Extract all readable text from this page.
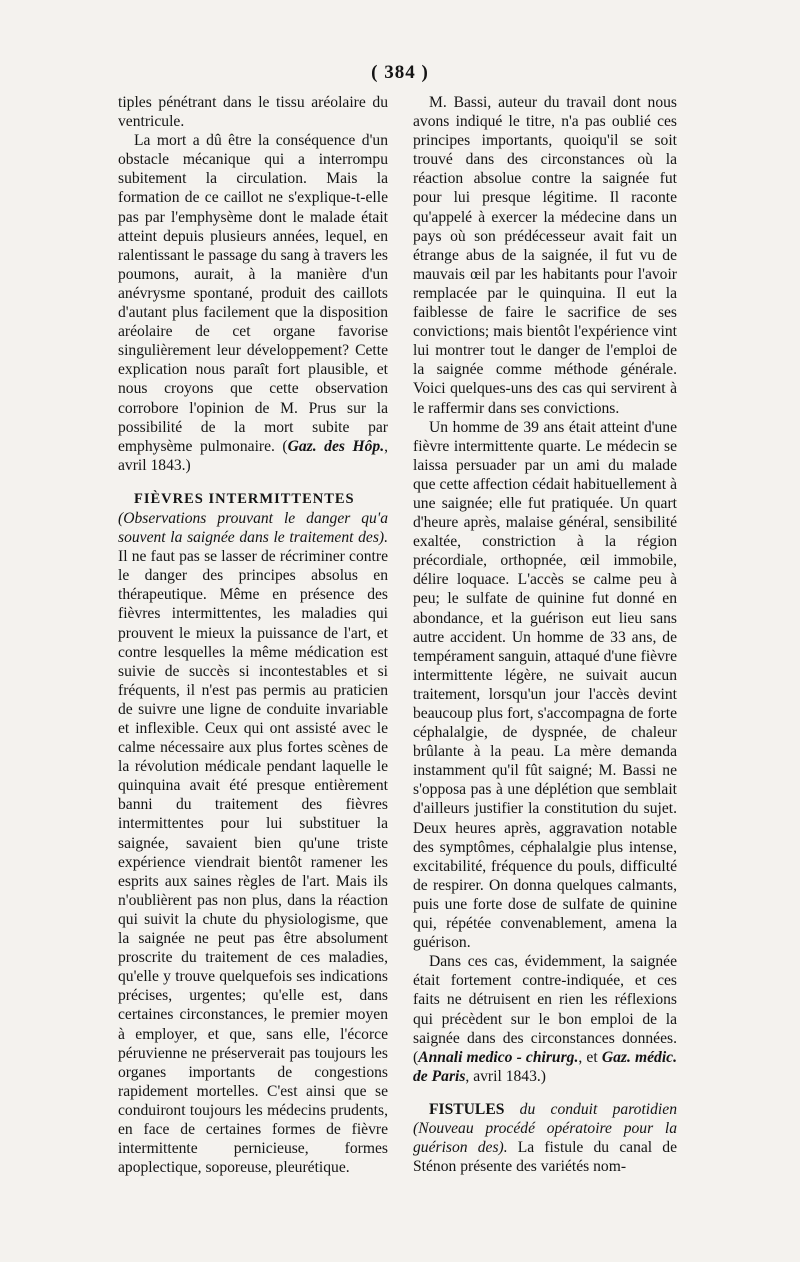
( 384 )

tiples pénétrant dans le tissu aréolaire du ventricule.

La mort a dû être la conséquence d'un obstacle mécanique qui a interrompu subitement la circulation. Mais la formation de ce caillot ne s'explique-t-elle pas par l'emphysème dont le malade était atteint depuis plusieurs années, lequel, en ralentissant le passage du sang à travers les poumons, aurait, à la manière d'un anévrysme spontané, produit des caillots d'autant plus facilement que la disposition aréolaire de cet organe favorise singulièrement leur développement? Cette explication nous paraît fort plausible, et nous croyons que cette observation corrobore l'opinion de M. Prus sur la possibilité de la mort subite par emphysème pulmonaire. (Gaz. des Hôp., avril 1843.)

FIÈVRES INTERMITTENTES
(Observations prouvant le danger qu'a souvent la saignée dans le traitement des). Il ne faut pas se lasser de récriminer contre le danger des principes absolus en thérapeutique. Même en présence des fièvres intermittentes, les maladies qui prouvent le mieux la puissance de l'art, et contre lesquelles la même médication est suivie de succès si incontestables et si fréquents, il n'est pas permis au praticien de suivre une ligne de conduite invariable et inflexible. Ceux qui ont assisté avec le calme nécessaire aux plus fortes scènes de la révolution médicale pendant laquelle le quinquina avait été presque entièrement banni du traitement des fièvres intermittentes pour lui substituer la saignée, savaient bien qu'une triste expérience viendrait bientôt ramener les esprits aux saines règles de l'art. Mais ils n'oublièrent pas non plus, dans la réaction qui suivit la chute du physiologisme, que la saignée ne peut pas être absolument proscrite du traitement de ces maladies, qu'elle y trouve quelquefois ses indications précises, urgentes; qu'elle est, dans certaines circonstances, le premier moyen à employer, et que, sans elle, l'écorce péruvienne ne préserverait pas toujours les organes importants de congestions rapidement mortelles. C'est ainsi que se conduiront toujours les médecins prudents, en face de certaines formes de fièvre intermittente pernicieuse, formes apoplectique, soporeuse, pleurétique.

M. Bassi, auteur du travail dont nous avons indiqué le titre, n'a pas oublié ces principes importants, quoiqu'il se soit trouvé dans des circonstances où la réaction absolue contre la saignée fut pour lui presque légitime. Il raconte qu'appelé à exercer la médecine dans un pays où son prédécesseur avait fait un étrange abus de la saignée, il fut vu de mauvais œil par les habitants pour l'avoir remplacée par le quinquina. Il eut la faiblesse de faire le sacrifice de ses convictions; mais bientôt l'expérience vint lui montrer tout le danger de l'emploi de la saignée comme méthode générale. Voici quelques-uns des cas qui servirent à le raffermir dans ses convictions.

Un homme de 39 ans était atteint d'une fièvre intermittente quarte. Le médecin se laissa persuader par un ami du malade que cette affection cédait habituellement à une saignée; elle fut pratiquée. Un quart d'heure après, malaise général, sensibilité exaltée, constriction à la région précordiale, orthopnée, œil immobile, délire loquace. L'accès se calme peu à peu; le sulfate de quinine fut donné en abondance, et la guérison eut lieu sans autre accident. Un homme de 33 ans, de tempérament sanguin, attaqué d'une fièvre intermittente légère, ne suivait aucun traitement, lorsqu'un jour l'accès devint beaucoup plus fort, s'accompagna de forte céphalalgie, de dyspnée, de chaleur brûlante à la peau. La mère demanda instamment qu'il fût saigné; M. Bassi ne s'opposa pas à une déplétion que semblait d'ailleurs justifier la constitution du sujet. Deux heures après, aggravation notable des symptômes, céphalalgie plus intense, excitabilité, fréquence du pouls, difficulté de respirer. On donna quelques calmants, puis une forte dose de sulfate de quinine qui, répétée convenablement, amena la guérison.

Dans ces cas, évidemment, la saignée était fortement contre-indiquée, et ces faits ne détruisent en rien les réflexions qui précèdent sur le bon emploi de la saignée dans des circonstances données. (Annali medico - chirurg., et Gaz. médic. de Paris, avril 1843.)

FISTULES du conduit parotidien (Nouveau procédé opératoire pour la guérison des). La fistule du canal de Sténon présente des variétés nom-
